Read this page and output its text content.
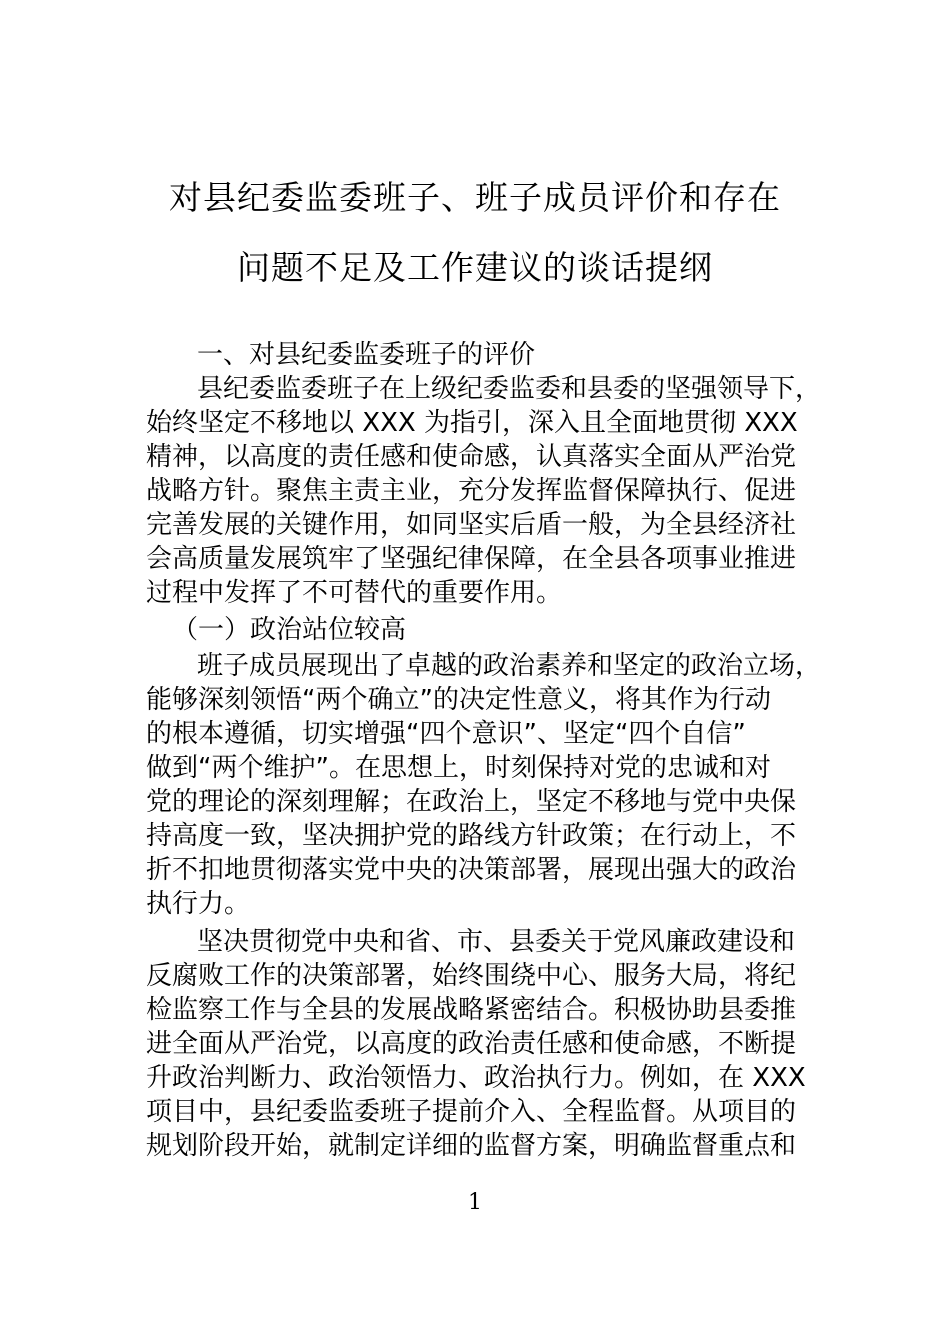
对县纪委监委班子、班子成员评价和存在
问题不足及工作建议的谈话提纲
一、对县纪委监委班子的评价
县纪委监委班子在上级纪委监委和县委的坚强领导下，
始终坚定不移地以 XXX 为指引，深入且全面地贯彻 XXX
精神，以高度的责任感和使命感，认真落实全面从严治党
战略方针。聚焦主责主业，充分发挥监督保障执行、促进
完善发展的关键作用，如同坚实后盾一般，为全县经济社
会高质量发展筑牢了坚强纪律保障，在全县各项事业推进
过程中发挥了不可替代的重要作用。
（一）政治站位较高
班子成员展现出了卓越的政治素养和坚定的政治立场，
能够深刻领悟“两个确立”的决定性意义，将其作为行动
的根本遵循，切实增强“四个意识”、坚定“四个自信”
做到“两个维护”。在思想上，时刻保持对党的忠诚和对
党的理论的深刻理解；在政治上，坚定不移地与党中央保
持高度一致，坚决拥护党的路线方针政策；在行动上，不
折不扣地贯彻落实党中央的决策部署，展现出强大的政治
执行力。
坚决贯彻党中央和省、市、县委关于党风廉政建设和
反腐败工作的决策部署，始终围绕中心、服务大局，将纪
检监察工作与全县的发展战略紧密结合。积极协助县委推
进全面从严治党，以高度的政治责任感和使命感，不断提
升政治判断力、政治领悟力、政治执行力。例如，在 XXX
项目中，县纪委监委班子提前介入、全程监督。从项目的
规划阶段开始，就制定详细的监督方案，明确监督重点和
1
